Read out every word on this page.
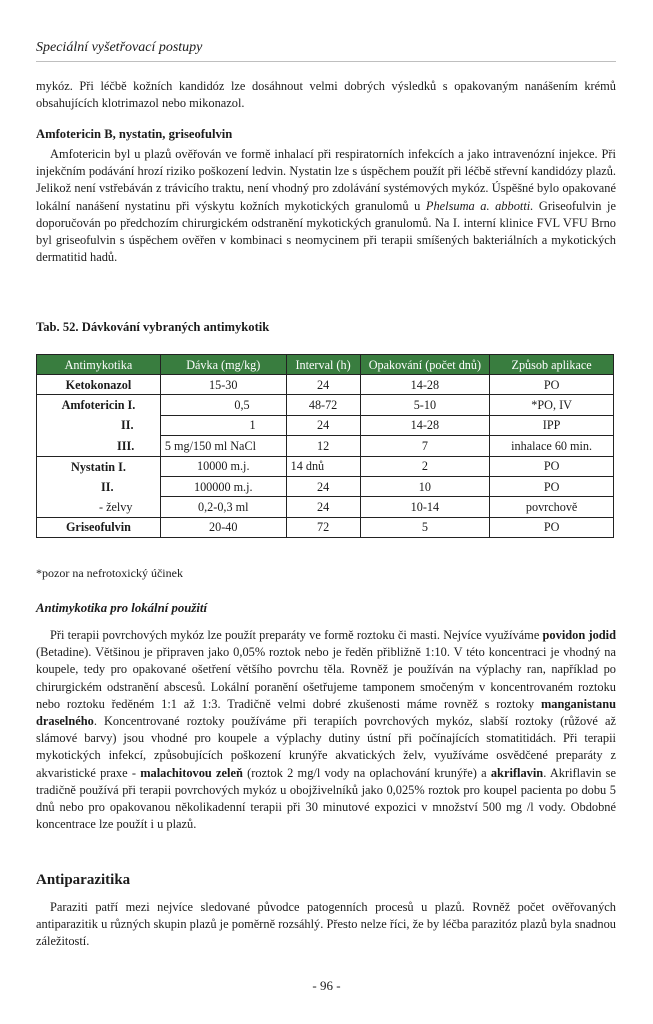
Speciální vyšetřovací postupy

mykóz. Při léčbě kožních kandidóz lze dosáhnout velmi dobrých výsledků s opakovaným nanášením krémů obsahujících klotrimazol nebo mikonazol.

Amfotericin B, nystatin, griseofulvin

Amfotericin byl u plazů ověřován ve formě inhalací při respiratorních infekcích a jako intravenózní injekce. Při injekčním podávání hrozí riziko poškození ledvin. Nystatin lze s úspěchem použít při léčbě střevní kandidózy plazů. Jelikož není vstřebáván z trávicího traktu, není vhodný pro zdolávání systémových mykóz. Úspěšné bylo opakované lokální nanášení nystatinu při výskytu kožních mykotických granulomů u Phelsuma a. abbotti. Griseofulvin je doporučován po předchozím chirurgickém odstranění mykotických granulomů. Na I. interní klinice FVL VFU Brno byl griseofulvin s úspěchem ověřen v kombinaci s neomycinem při terapii smíšených bakteriálních a mykotických dermatitid hadů.

Tab. 52. Dávkování vybraných antimykotik

Antimykotika	Dávka (mg/kg)	Interval (h)	Opakování (počet dnů)	Způsob aplikace
Ketokonazol	15-30	24	14-28	PO
Amfotericin I.	0,5	48-72	5-10	*PO, IV
II.	1	24	14-28	IPP
III.	5 mg/150 ml NaCl	12	7	inhalace 60 min.
Nystatin I.	10000 m.j.	14 dnů	2	PO
II.	100000 m.j.	24	10	PO
- želvy	0,2-0,3 ml	24	10-14	povrchově
Griseofulvin	20-40	72	5	PO
*pozor na nefrotoxický účinek

Antimykotika pro lokální použití

Při terapii povrchových mykóz lze použít preparáty ve formě roztoku či masti. Nejvíce využíváme povidon jodid (Betadine). Většinou je připraven jako 0,05% roztok nebo je ředěn přibližně 1:10. V této koncentraci je vhodný na koupele, tedy pro opakované ošetření většího povrchu těla. Rovněž je používán na výplachy ran, například po chirurgickém odstranění abscesů. Lokální poranění ošetřujeme tamponem smočeným v koncentrovaném roztoku nebo roztoku ředěném 1:1 až 1:3. Tradičně velmi dobré zkušenosti máme rovněž s roztoky manganistanu draselného. Koncentrované roztoky používáme při terapiích povrchových mykóz, slabší roztoky (růžové až slámové barvy) jsou vhodné pro koupele a výplachy dutiny ústní při počínajících stomatitidách. Při terapii mykotických infekcí, způsobujících poškození krunýře akvatických želv, využíváme osvědčené preparáty z akvaristické praxe - malachitovou zeleň (roztok 2 mg/l vody na oplachování krunýře) a akriflavin. Akriflavin se tradičně používá při terapii povrchových mykóz u obojživelníků jako 0,025% roztok pro koupel pacienta po dobu 5 dnů nebo pro opakovanou několikadenní terapii při 30 minutové expozici v množství 500 mg /l vody. Obdobné koncentrace lze použít i u plazů.

Antiparazitika

Paraziti patří mezi nejvíce sledované původce patogenních procesů u plazů. Rovněž počet ověřovaných antiparazitik u různých skupin plazů je poměrně rozsáhlý. Přesto nelze říci, že by léčba parazitóz plazů byla snadnou záležitostí.

- 96 -
